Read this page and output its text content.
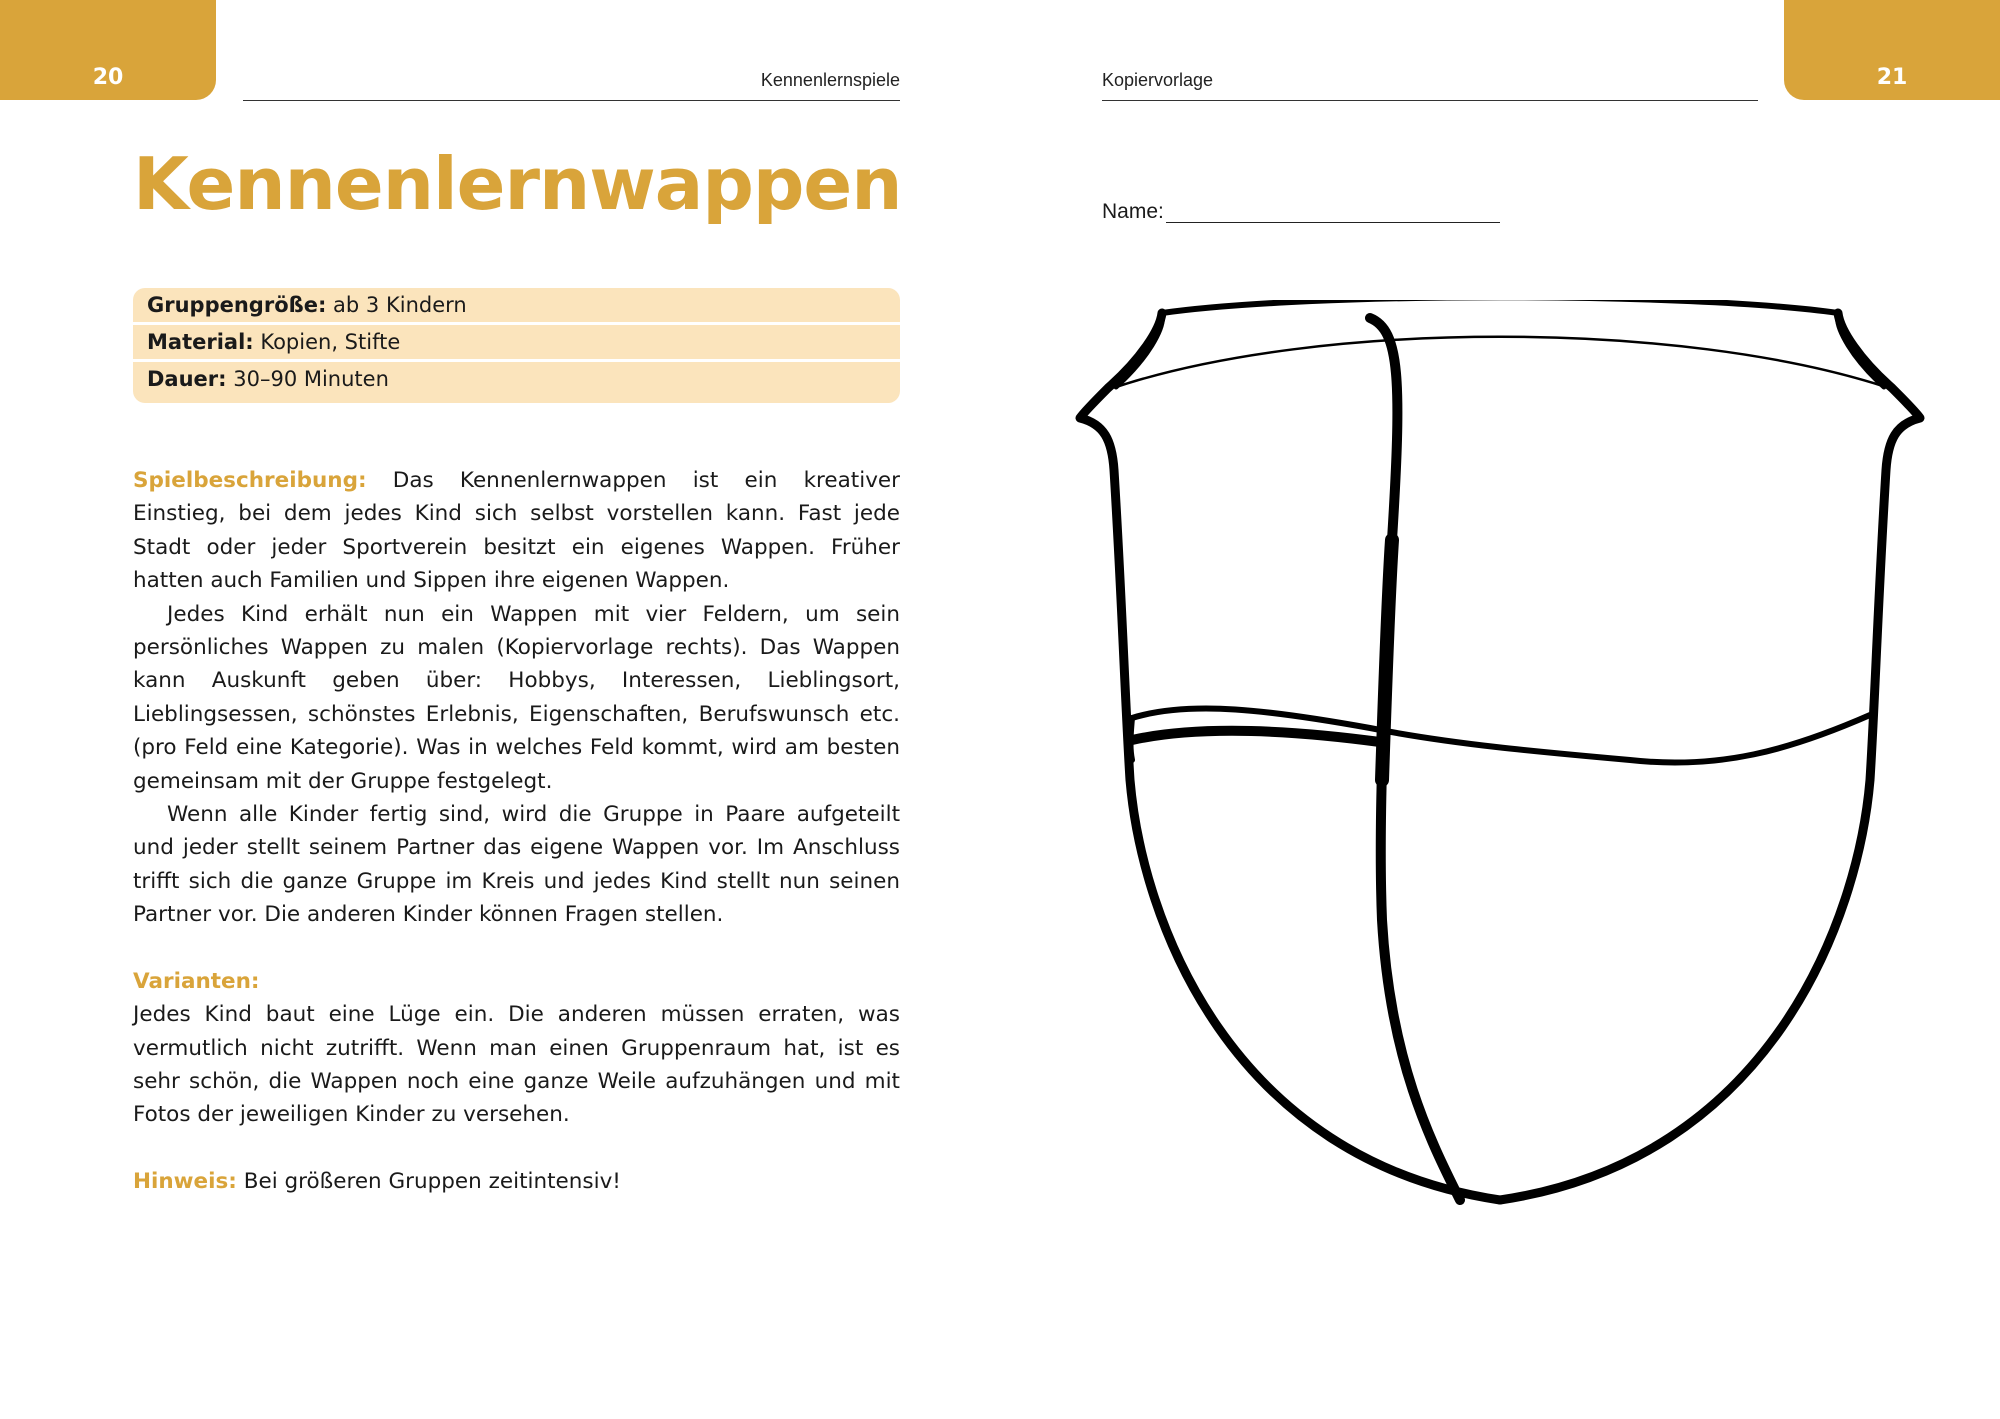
20	Kennenlernspiele
Kennenlernwappen
Gruppengröße: ab 3 Kindern
Material: Kopien, Stifte
Dauer: 30–90 Minuten

Spielbeschreibung: Das Kennenlernwappen ist ein kreativer Einstieg, bei dem jedes Kind sich selbst vorstellen kann. Fast jede Stadt oder jeder Sportverein besitzt ein eigenes Wappen. Früher hatten auch Familien und Sippen ihre eigenen Wappen.

Jedes Kind erhält nun ein Wappen mit vier Feldern, um sein persönliches Wappen zu malen (Kopiervorlage rechts). Das Wappen kann Auskunft geben über: Hobbys, Interessen, Lieblingsort, Lieblingsessen, schönstes Erlebnis, Eigenschaften, Berufswunsch etc. (pro Feld eine Kategorie). Was in welches Feld kommt, wird am besten gemeinsam mit der Gruppe festgelegt.

Wenn alle Kinder fertig sind, wird die Gruppe in Paare aufgeteilt und jeder stellt seinem Partner das eigene Wappen vor. Im Anschluss trifft sich die ganze Gruppe im Kreis und jedes Kind stellt nun seinen Partner vor. Die anderen Kinder können Fragen stellen.

Varianten:

Jedes Kind baut eine Lüge ein. Die anderen müssen erraten, was vermutlich nicht zutrifft. Wenn man einen Gruppenraum hat, ist es sehr schön, die Wappen noch eine ganze Weile aufzuhängen und mit Fotos der jeweiligen Kinder zu versehen.

Hinweis: Bei größeren Gruppen zeitintensiv!

21
Kopiervorlage
Name:
